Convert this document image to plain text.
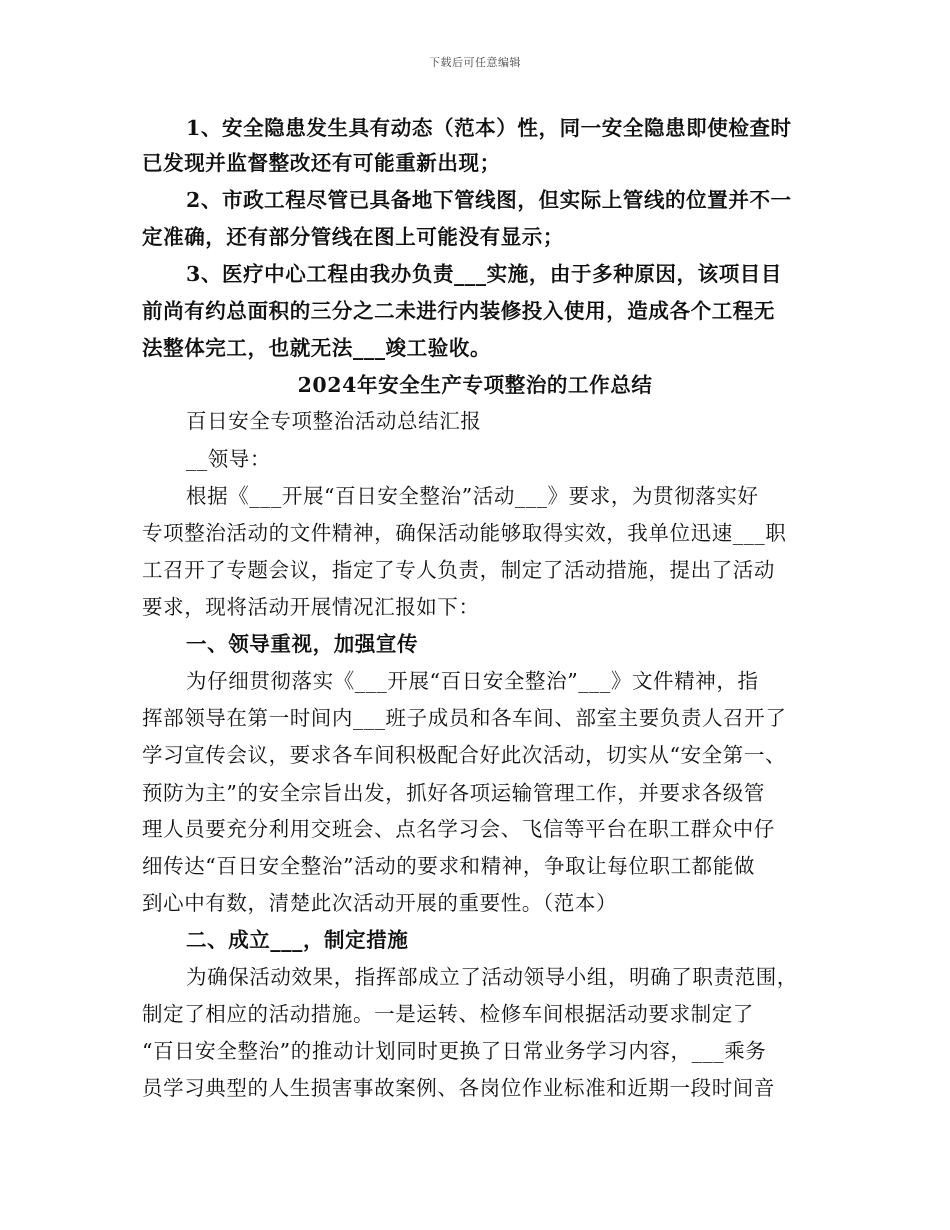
下载后可任意编辑
1、安全隐患发生具有动态（范本）性，同一安全隐患即使检查时
已发现并监督整改还有可能重新出现；
2、市政工程尽管已具备地下管线图，但实际上管线的位置并不一
定准确，还有部分管线在图上可能没有显示；
3、医疗中心工程由我办负责___实施，由于多种原因，该项目目
前尚有约总面积的三分之二未进行内装修投入使用，造成各个工程无
法整体完工，也就无法___竣工验收。
2024年安全生产专项整治的工作总结
百日安全专项整治活动总结汇报
__领导：
根据《___开展“百日安全整治”活动___》要求，为贯彻落实好
专项整治活动的文件精神，确保活动能够取得实效，我单位迅速___职
工召开了专题会议，指定了专人负责，制定了活动措施，提出了活动
要求，现将活动开展情况汇报如下：
一、领导重视，加强宣传
为仔细贯彻落实《___开展“百日安全整治”___》文件精神，指
挥部领导在第一时间内___班子成员和各车间、部室主要负责人召开了
学习宣传会议，要求各车间积极配合好此次活动，切实从“安全第一、
预防为主”的安全宗旨出发，抓好各项运输管理工作，并要求各级管
理人员要充分利用交班会、点名学习会、飞信等平台在职工群众中仔
细传达“百日安全整治”活动的要求和精神，争取让每位职工都能做
到心中有数，清楚此次活动开展的重要性。（范本）
二、成立___，制定措施
为确保活动效果，指挥部成立了活动领导小组，明确了职责范围，
制定了相应的活动措施。一是运转、检修车间根据活动要求制定了
“百日安全整治”的推动计划同时更换了日常业务学习内容，___乘务
员学习典型的人生损害事故案例、各岗位作业标准和近期一段时间音
